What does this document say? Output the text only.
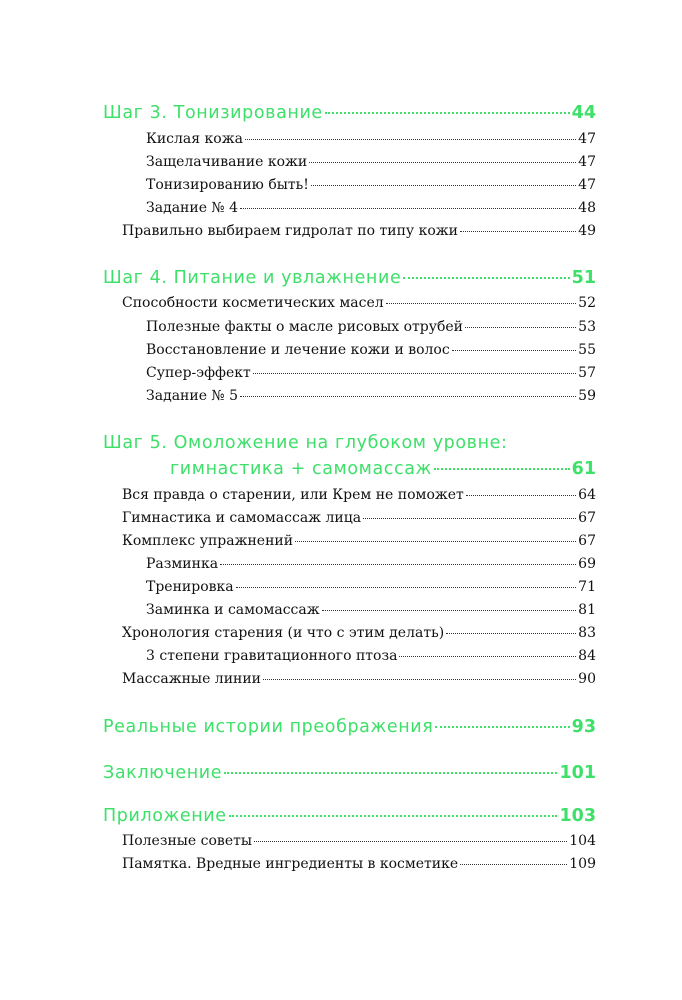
Шаг 3. Тонизирование	44
Кислая кожа	47
Защелачивание кожи	47
Тонизированию быть!	47
Задание № 4	48
Правильно выбираем гидролат по типу кожи	49
Шаг 4. Питание и увлажнение	51
Способности косметических масел	52
Полезные факты о масле рисовых отрубей	53
Восстановление и лечение кожи и волос	55
Супер-эффект	57
Задание № 5	59
Шаг 5. Омоложение на глубоком уровне:
гимнастика + самомассаж	61
Вся правда о старении, или Крем не поможет	64
Гимнастика и самомассаж лица	67
Комплекс упражнений	67
Разминка	69
Тренировка	71
Заминка и самомассаж	81
Хронология старения (и что с этим делать)	83
3 степени гравитационного птоза	84
Массажные линии	90
Реальные истории преображения	93
Заключение	101
Приложение	103
Полезные советы	104
Памятка. Вредные ингредиенты в косметике	109
